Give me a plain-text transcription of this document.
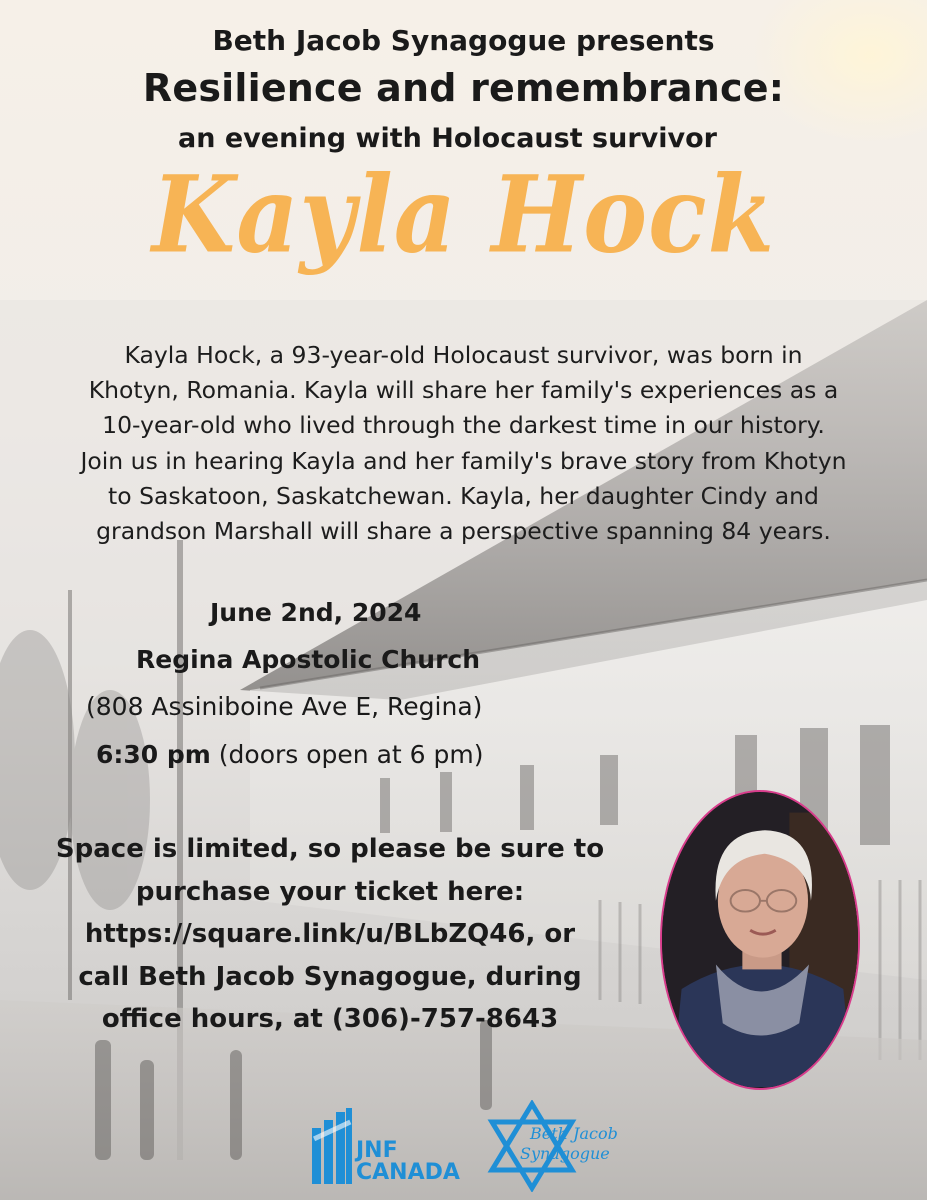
Beth Jacob Synagogue presents
Resilience and remembrance:
an evening with Holocaust survivor
Kayla Hock
Kayla Hock, a 93-year-old Holocaust survivor, was born in
Khotyn, Romania. Kayla will share her family's experiences as a
10-year-old who lived through the darkest time in our history.
Join us in hearing Kayla and her family's brave story from Khotyn
to Saskatoon, Saskatchewan. Kayla, her daughter Cindy and
grandson Marshall will share a perspective spanning 84 years.
June 2nd, 2024
Regina Apostolic Church
(808 Assiniboine Ave E, Regina)
6:30 pm (doors open at 6 pm)
Space is limited, so please be sure to
purchase your ticket here:
https://square.link/u/BLbZQ46, or
call Beth Jacob Synagogue, during
office hours, at (306)-757-8643
JNF
CANADA
Beth Jacob
Synagogue
